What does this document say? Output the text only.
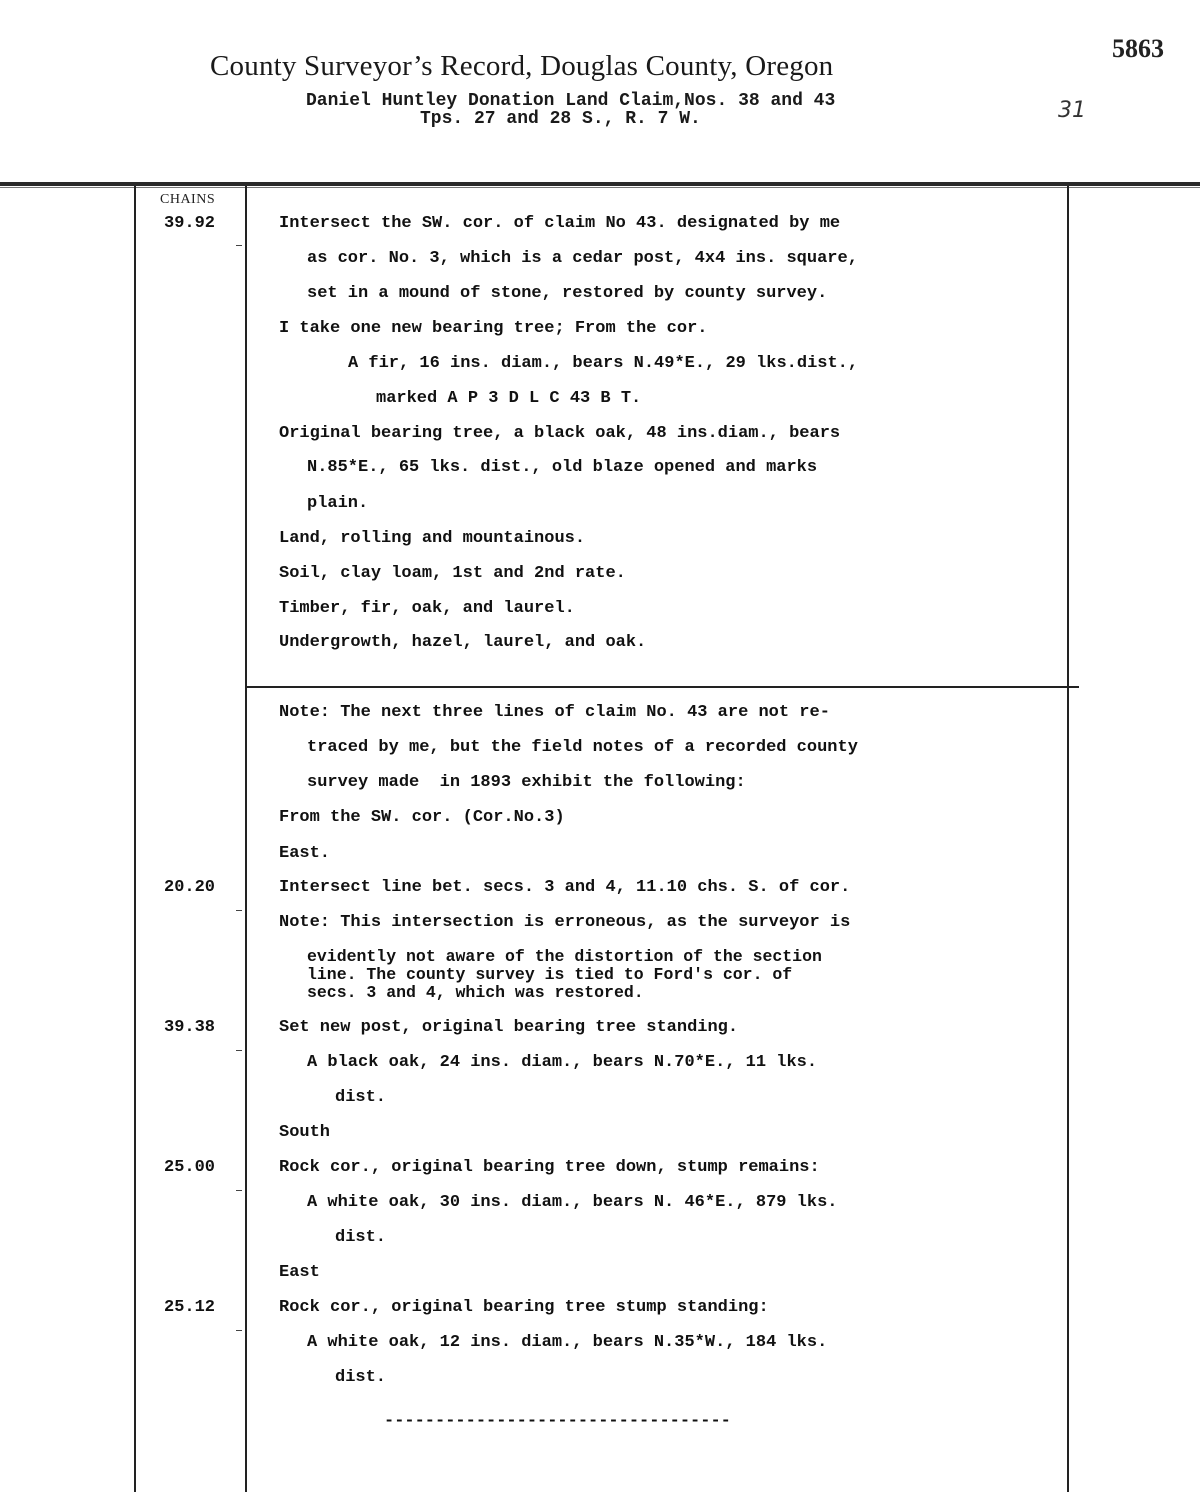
5863
County Surveyor’s Record, Douglas County, Oregon
Daniel Huntley Donation Land Claim,Nos. 38 and 43
Tps. 27 and 28 S., R. 7 W.	31
CHAINS
39.92
20.20
39.38
25.00
25.12
Intersect the SW. cor. of claim No 43. designated by me
as cor. No. 3, which is a cedar post, 4x4 ins. square,
set in a mound of stone, restored by county survey.
I take one new bearing tree; From the cor.
A fir, 16 ins. diam., bears N.49*E., 29 lks.dist.,
marked A P 3 D L C 43 B T.
Original bearing tree, a black oak, 48 ins.diam., bears
N.85*E., 65 lks. dist., old blaze opened and marks
plain.
Land, rolling and mountainous.
Soil, clay loam, 1st and 2nd rate.
Timber, fir, oak, and laurel.
Undergrowth, hazel, laurel, and oak.
Note: The next three lines of claim No. 43 are not re-
traced by me, but the field notes of a recorded county
survey made  in 1893 exhibit the following:
From the SW. cor. (Cor.No.3)
East.
Intersect line bet. secs. 3 and 4, 11.10 chs. S. of cor.
Note: This intersection is erroneous, as the surveyor is
evidently not aware of the distortion of the section
line. The county survey is tied to Ford's cor. of
secs. 3 and 4, which was restored.
Set new post, original bearing tree standing.
A black oak, 24 ins. diam., bears N.70*E., 11 lks.
dist.
South
Rock cor., original bearing tree down, stump remains:
A white oak, 30 ins. diam., bears N. 46*E., 879 lks.
dist.
East
Rock cor., original bearing tree stump standing:
A white oak, 12 ins. diam., bears N.35*W., 184 lks.
dist.
----------------------------------
